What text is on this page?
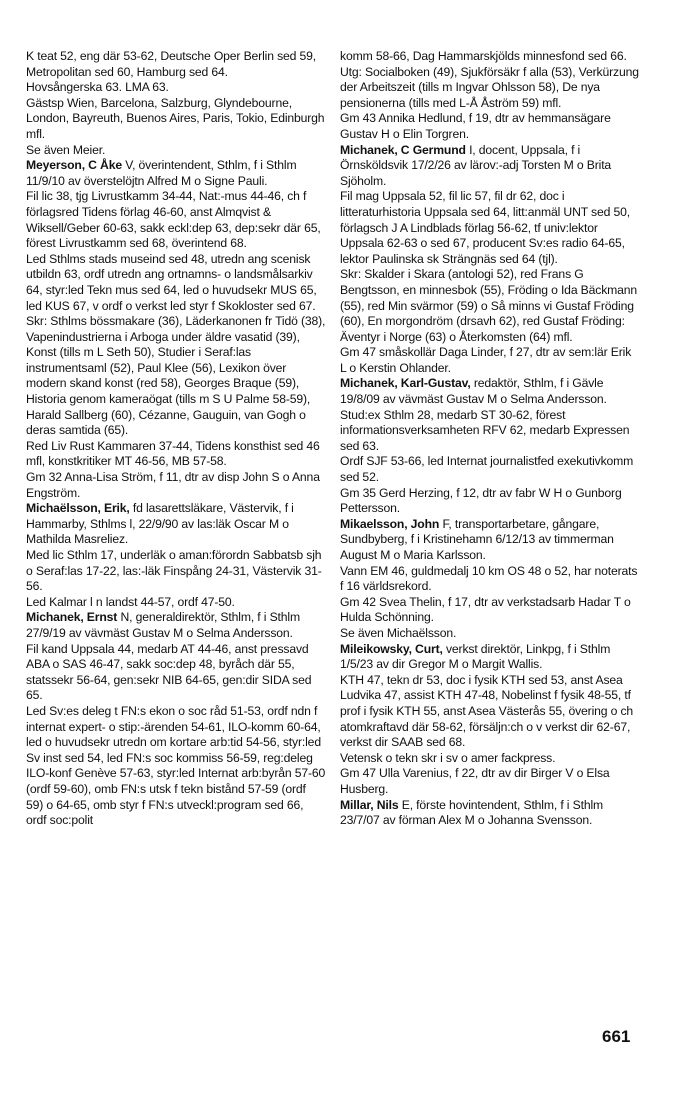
K teat 52, eng där 53-62, Deutsche Oper Berlin sed 59, Metropolitan sed 60, Hamburg sed 64.

Hovsångerska 63. LMA 63.

Gästsp Wien, Barcelona, Salzburg, Glyndebourne, London, Bayreuth, Buenos Aires, Paris, Tokio, Edinburgh mfl.

Se även Meier.

Meyerson, C Åke V, överintendent, Sthlm, f i Sthlm 11/9/10 av överstelöjtn Alfred M o Signe Pauli.

Fil lic 38, tjg Livrustkamm 34-44, Nat:-mus 44-46, ch f förlagsred Tidens förlag 46-60, anst Almqvist & Wiksell/Geber 60-63, sakk eckl:dep 63, dep:sekr där 65, förest Livrustkamm sed 68, överintend 68.

Led Sthlms stads museind sed 48, utredn ang scenisk utbildn 63, ordf utredn ang ortnamns- o landsmålsarkiv 64, styr:led Tekn mus sed 64, led o huvudsekr MUS 65, led KUS 67, v ordf o verkst led styr f Skokloster sed 67.

Skr: Sthlms bössmakare (36), Läderkanonen fr Tidö (38), Vapenindustrierna i Arboga under äldre vasatid (39), Konst (tills m L Seth 50), Studier i Seraf:las instrumentsaml (52), Paul Klee (56), Lexikon över modern skand konst (red 58), Georges Braque (59), Historia genom kameraögat (tills m S U Palme 58-59), Harald Sallberg (60), Cézanne, Gauguin, van Gogh o deras samtida (65).

Red Liv Rust Kammaren 37-44, Tidens konsthist sed 46 mfl, konstkritiker MT 46-56, MB 57-58.

Gm 32 Anna-Lisa Ström, f 11, dtr av disp John S o Anna Engström.

Michaëlsson, Erik, fd lasarettsläkare, Västervik, f i Hammarby, Sthlms l, 22/9/90 av las:läk Oscar M o Mathilda Masreliez.

Med lic Sthlm 17, underläk o aman:förordn Sabbatsb sjh o Seraf:las 17-22, las:-läk Finspång 24-31, Västervik 31-56.

Led Kalmar l n landst 44-57, ordf 47-50.

Michanek, Ernst N, generaldirektör, Sthlm, f i Sthlm 27/9/19 av vävmäst Gustav M o Selma Andersson.

Fil kand Uppsala 44, medarb AT 44-46, anst pressavd ABA o SAS 46-47, sakk soc:dep 48, byråch där 55, statssekr 56-64, gen:sekr NIB 64-65, gen:dir SIDA sed 65.

Led Sv:es deleg t FN:s ekon o soc råd 51-53, ordf ndn f internat expert- o stip:-ärenden 54-61, ILO-komm 60-64, led o huvudsekr utredn om kortare arb:tid 54-56, styr:led Sv inst sed 54, led FN:s soc kommiss 56-59, reg:deleg ILO-konf Genève 57-63, styr:led Internat arb:byrån 57-60 (ordf 59-60), omb FN:s utsk f tekn bistånd 57-59 (ordf 59) o 64-65, omb styr f FN:s utveckl:program sed 66, ordf soc:polit

komm 58-66, Dag Hammarskjölds minnesfond sed 66.

Utg: Socialboken (49), Sjukförsäkr f alla (53), Verkürzung der Arbeitszeit (tills m Ingvar Ohlsson 58), De nya pensionerna (tills med L-Å Åström 59) mfl.

Gm 43 Annika Hedlund, f 19, dtr av hemmansägare Gustav H o Elin Torgren.

Michanek, C Germund I, docent, Uppsala, f i Örnsköldsvik 17/2/26 av lärov:-adj Torsten M o Brita Sjöholm.

Fil mag Uppsala 52, fil lic 57, fil dr 62, doc i litteraturhistoria Uppsala sed 64, litt:anmäl UNT sed 50, förlagsch J A Lindblads förlag 56-62, tf univ:lektor Uppsala 62-63 o sed 67, producent Sv:es radio 64-65, lektor Paulinska sk Strängnäs sed 64 (tjl).

Skr: Skalder i Skara (antologi 52), red Frans G Bengtsson, en minnesbok (55), Fröding o Ida Bäckmann (55), red Min svärmor (59) o Så minns vi Gustaf Fröding (60), En morgondröm (drsavh 62), red Gustaf Fröding: Äventyr i Norge (63) o Återkomsten (64) mfl.

Gm 47 småskollär Daga Linder, f 27, dtr av sem:lär Erik L o Kerstin Ohlander.

Michanek, Karl-Gustav, redaktör, Sthlm, f i Gävle 19/8/09 av vävmäst Gustav M o Selma Andersson.

Stud:ex Sthlm 28, medarb ST 30-62, förest informationsverksamheten RFV 62, medarb Expressen sed 63.

Ordf SJF 53-66, led Internat journalistfed exekutivkomm sed 52.

Gm 35 Gerd Herzing, f 12, dtr av fabr W H o Gunborg Pettersson.

Mikaelsson, John F, transportarbetare, gångare, Sundbyberg, f i Kristinehamn 6/12/13 av timmerman August M o Maria Karlsson.

Vann EM 46, guldmedalj 10 km OS 48 o 52, har noterats f 16 världsrekord.

Gm 42 Svea Thelin, f 17, dtr av verkstadsarb Hadar T o Hulda Schönning.

Se även Michaëlsson.

Mileikowsky, Curt, verkst direktör, Linkpg, f i Sthlm 1/5/23 av dir Gregor M o Margit Wallis.

KTH 47, tekn dr 53, doc i fysik KTH sed 53, anst Asea Ludvika 47, assist KTH 47-48, Nobelinst f fysik 48-55, tf prof i fysik KTH 55, anst Asea Västerås 55, övering o ch atomkraftavd där 58-62, försäljn:ch o v verkst dir 62-67, verkst dir SAAB sed 68.

Vetensk o tekn skr i sv o amer fackpress.

Gm 47 Ulla Varenius, f 22, dtr av dir Birger V o Elsa Husberg.

Millar, Nils E, förste hovintendent, Sthlm, f i Sthlm 23/7/07 av förman Alex M o Johanna Svensson.

661
